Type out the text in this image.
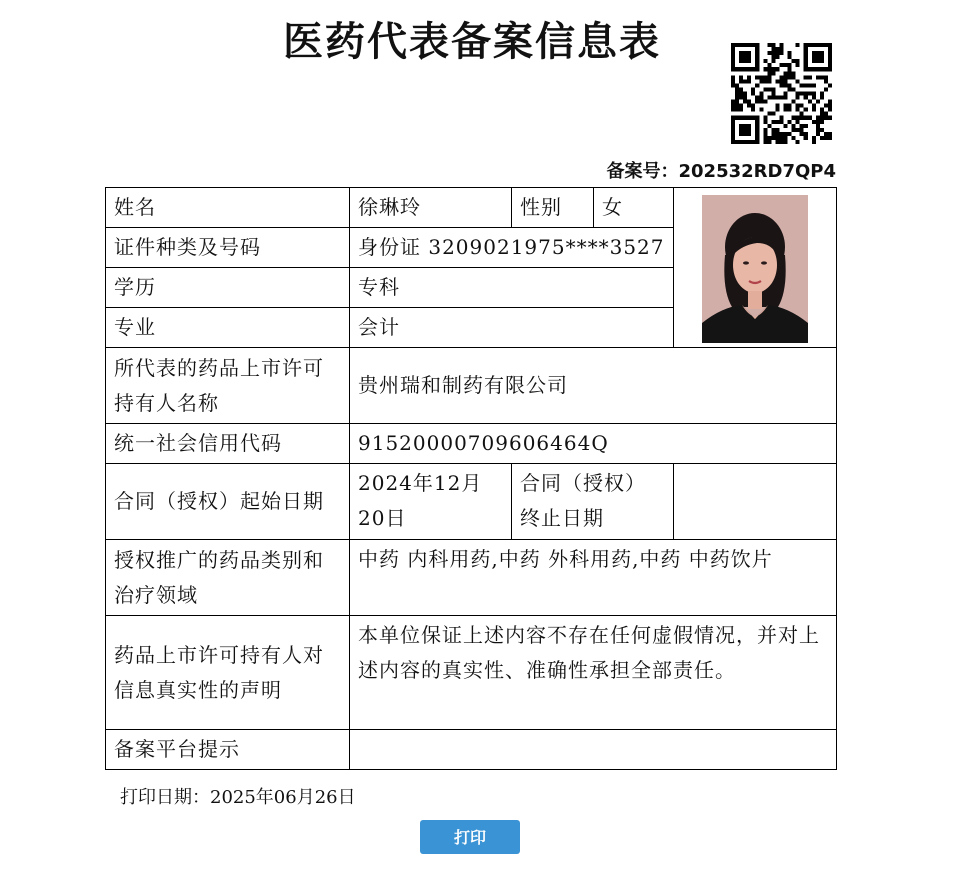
医药代表备案信息表
备案号：202532RD7QP4
姓名	徐琳玲	性别	女	

证件种类及号码	身份证 3209021975****3527			
学历	专科			
专业	会计			
所代表的药品上市许可持有人名称	贵州瑞和制药有限公司			
统一社会信用代码	91520000709606464Q			
合同（授权）起始日期	2024年12月20日	合同（授权）终止日期		
授权推广的药品类别和治疗领域	中药 内科用药,中药 外科用药,中药 中药饮片			
药品上市许可持有人对信息真实性的声明	本单位保证上述内容不存在任何虚假情况，并对上述内容的真实性、准确性承担全部责任。			
备案平台提示				
打印日期：2025年06月26日
打印
